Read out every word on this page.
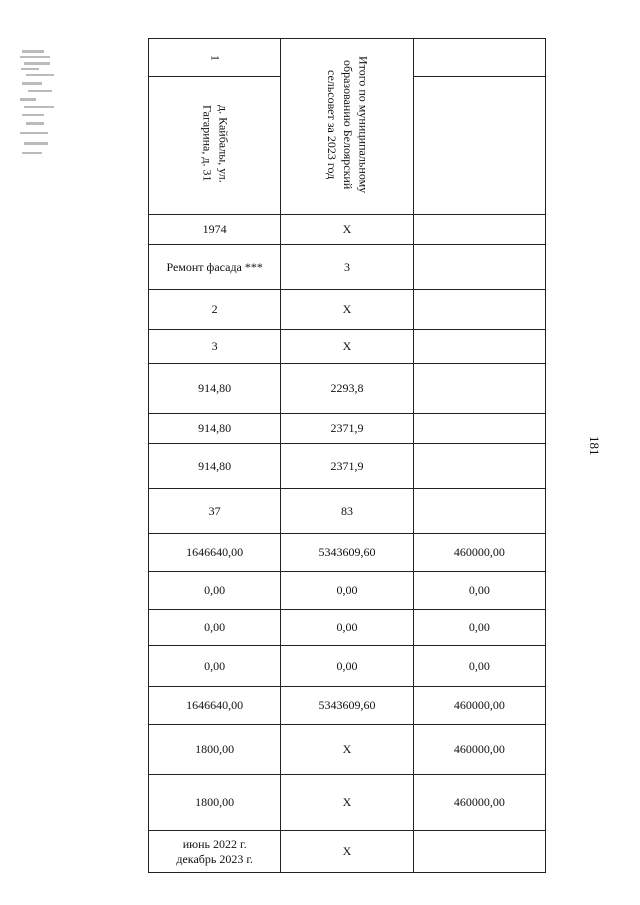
1	Итого по муниципальному
образованию Белоярский
сельсовет за 2023 год	
д. Кайбалы, ул.
Гагарина, д. 31		
1974	Х	
Ремонт фасада ***	3	
2	Х	
3	Х	
914,80	2293,8	
914,80	2371,9	
914,80	2371,9	
37	83	
1646640,00	5343609,60	460000,00
0,00	0,00	0,00
0,00	0,00	0,00
0,00	0,00	0,00
1646640,00	5343609,60	460000,00
1800,00	Х	460000,00
1800,00	Х	460000,00
июнь 2022 г.
декабрь 2023 г.	Х	
181
